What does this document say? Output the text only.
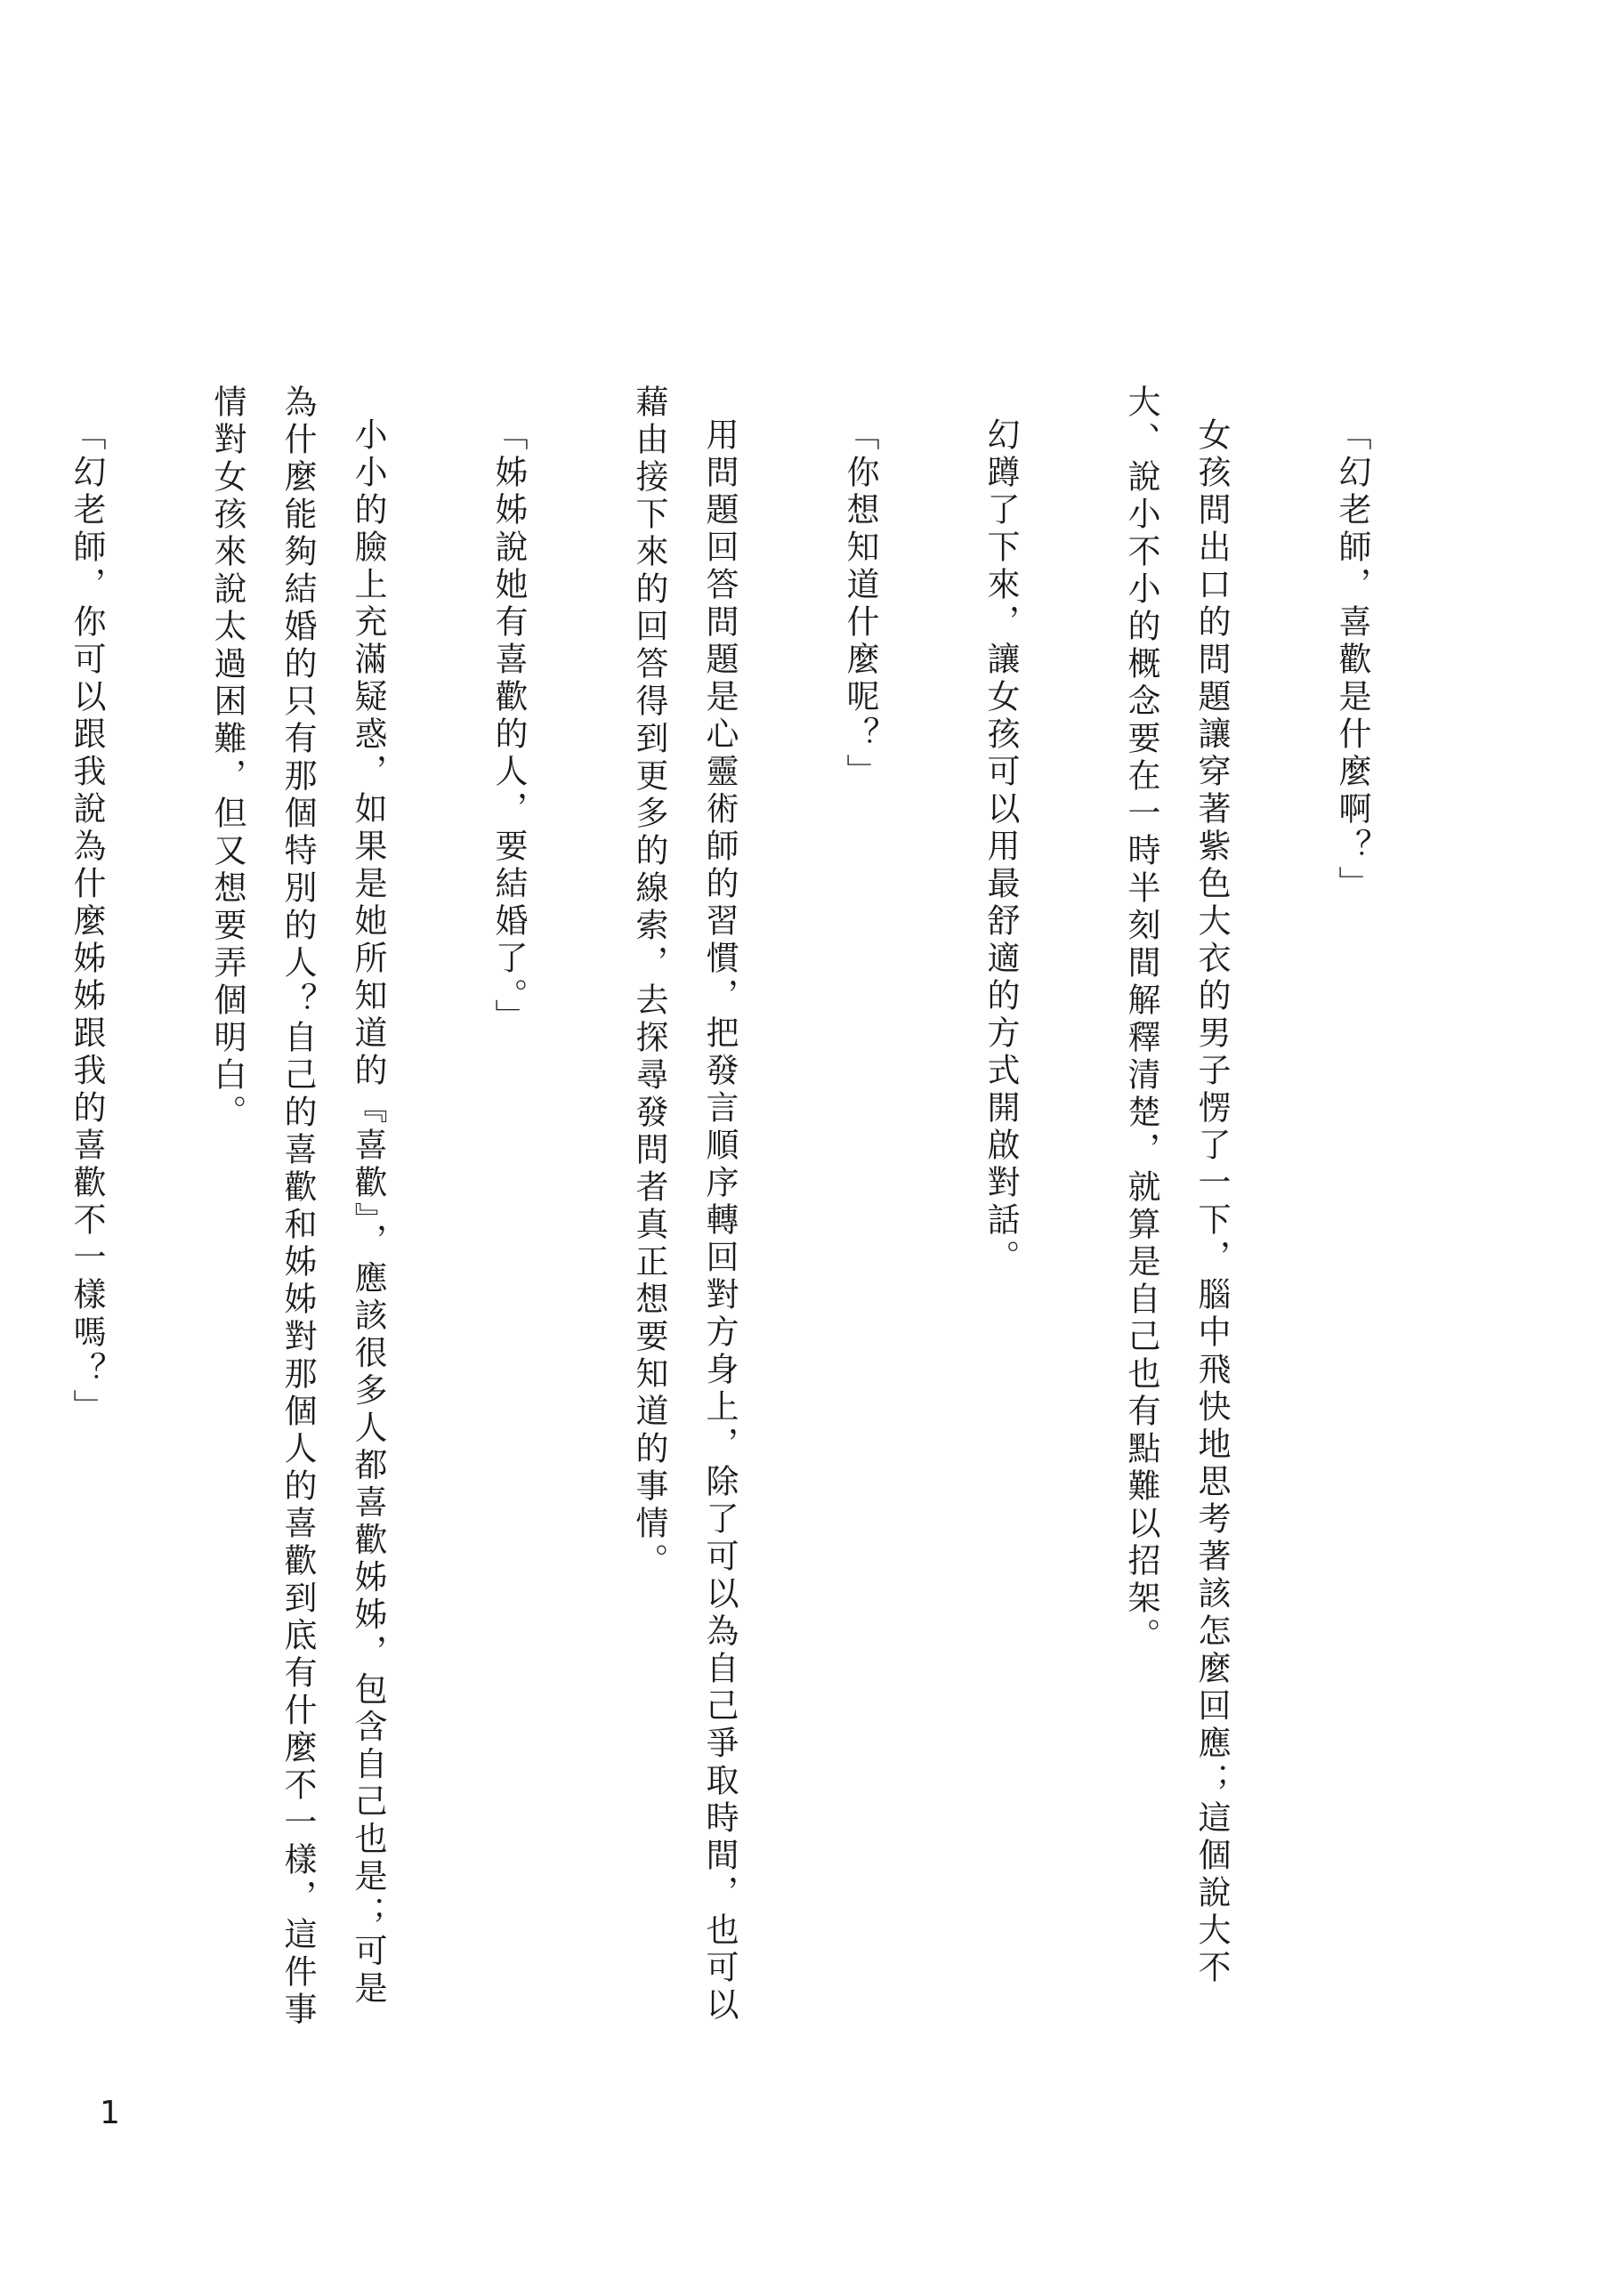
「幻老師，喜歡是什麼啊？」

女孩問出口的問題讓穿著紫色大衣的男子愣了一下，腦中飛快地思考著該怎麼回應；這個說大不大、說小不小的概念要在一時半刻間解釋清楚，就算是自己也有點難以招架。

幻蹲了下來，讓女孩可以用最舒適的方式開啟對話。

「你想知道什麼呢？」

用問題回答問題是心靈術師的習慣，把發言順序轉回對方身上，除了可以為自己爭取時間，也可以藉由接下來的回答得到更多的線索，去探尋發問者真正想要知道的事情。

「姊姊說她有喜歡的人，要結婚了。」

小小的臉上充滿疑惑，如果是她所知道的『喜歡』，應該很多人都喜歡姊姊，包含自己也是；可是為什麼能夠結婚的只有那個特別的人？自己的喜歡和姊姊對那個人的喜歡到底有什麼不一樣，這件事情對女孩來說太過困難，但又想要弄個明白。

「幻老師，你可以跟我說為什麼姊姊跟我的喜歡不一樣嗎？」

1
